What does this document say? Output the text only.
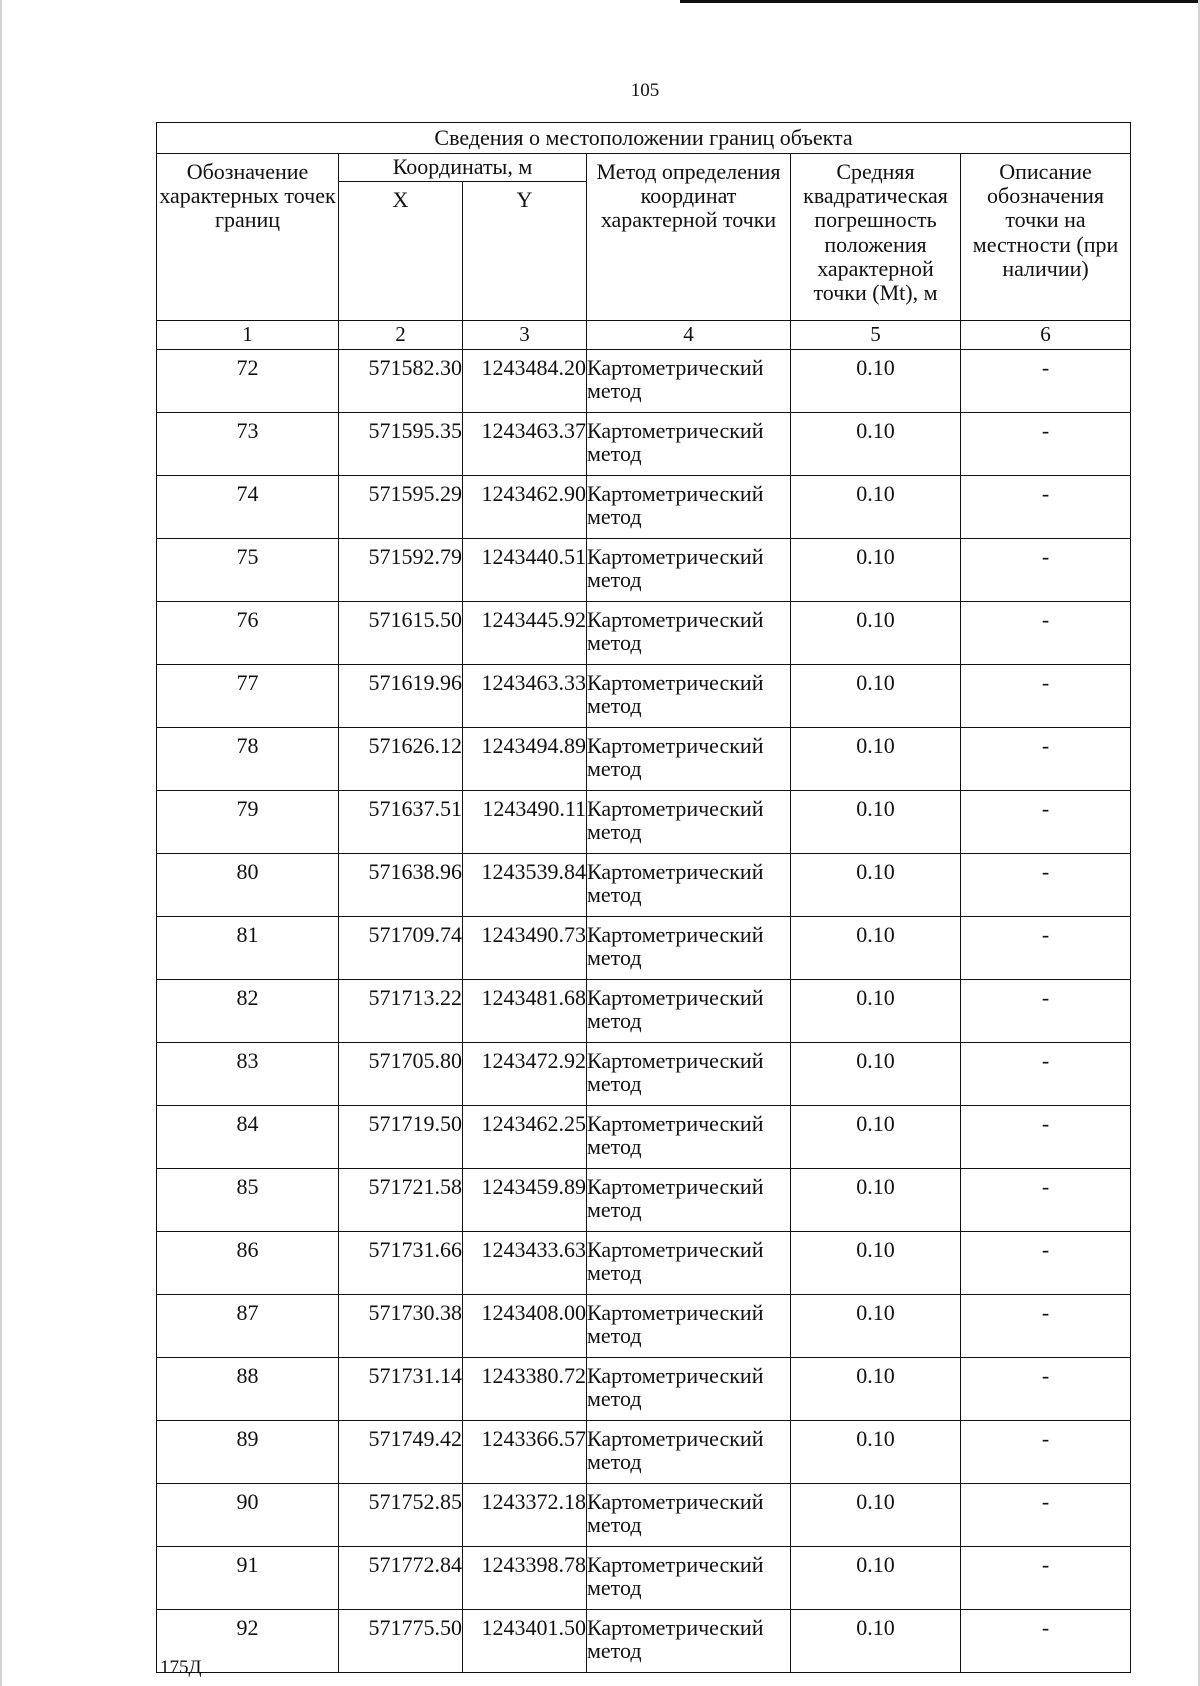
105
Сведения о местоположении границ объекта					
Обозначение характерных точек границ	Координаты, м		Метод определения координат характерной точки	Средняя квадратическая погрешность положения характерной точки (Mt), м	Описание обозначения точки на местности (при наличии)
	X	Y			
1	2	3	4	5	6
72	571582.30	1243484.20	Картометрический метод	0.10	-
73	571595.35	1243463.37	Картометрический метод	0.10	-
74	571595.29	1243462.90	Картометрический метод	0.10	-
75	571592.79	1243440.51	Картометрический метод	0.10	-
76	571615.50	1243445.92	Картометрический метод	0.10	-
77	571619.96	1243463.33	Картометрический метод	0.10	-
78	571626.12	1243494.89	Картометрический метод	0.10	-
79	571637.51	1243490.11	Картометрический метод	0.10	-
80	571638.96	1243539.84	Картометрический метод	0.10	-
81	571709.74	1243490.73	Картометрический метод	0.10	-
82	571713.22	1243481.68	Картометрический метод	0.10	-
83	571705.80	1243472.92	Картометрический метод	0.10	-
84	571719.50	1243462.25	Картометрический метод	0.10	-
85	571721.58	1243459.89	Картометрический метод	0.10	-
86	571731.66	1243433.63	Картометрический метод	0.10	-
87	571730.38	1243408.00	Картометрический метод	0.10	-
88	571731.14	1243380.72	Картометрический метод	0.10	-
89	571749.42	1243366.57	Картометрический метод	0.10	-
90	571752.85	1243372.18	Картометрический метод	0.10	-
91	571772.84	1243398.78	Картометрический метод	0.10	-
92	571775.50	1243401.50	Картометрический метод	0.10	-
175Д
